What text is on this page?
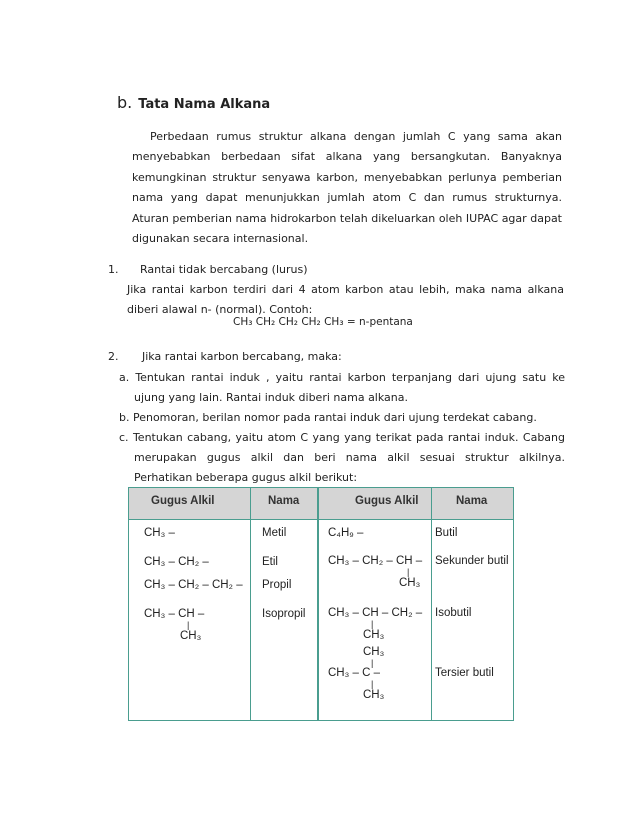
b. Tata Nama Alkana

Perbedaan rumus struktur alkana dengan jumlah C yang sama akan menyebabkan berbedaan sifat alkana yang bersangkutan. Banyaknya kemungkinan struktur senyawa karbon, menyebabkan perlunya pemberian nama yang dapat menunjukkan jumlah atom C dan rumus strukturnya. Aturan pemberian nama hidrokarbon telah dikeluarkan oleh IUPAC agar dapat digunakan secara internasional.

1. Rantai tidak bercabang (lurus)
Jika rantai karbon terdiri dari 4 atom karbon atau lebih, maka nama alkana diberi alawal n- (normal). Contoh:
CH₃ CH₂ CH₂ CH₂ CH₃ = n-pentana
2. Jika rantai karbon bercabang, maka:
a. Tentukan rantai induk , yaitu rantai karbon terpanjang dari ujung satu ke ujung yang lain. Rantai induk diberi nama alkana.
b. Penomoran, berilan nomor pada rantai induk dari ujung terdekat cabang.
c. Tentukan cabang, yaitu atom C yang yang terikat pada rantai induk. Cabang merupakan gugus alkil dan beri nama alkil sesuai struktur alkilnya. Perhatikan beberapa gugus alkil berikut:
Gugus Alkil	Nama
CH₃ –	Metil
CH₃ – CH₂ –	Etil
CH₃ – CH₂ – CH₂ – Propil
CH₃ – CH –
|
CH₃
Isopropil
Gugus Alkil	Nama
C₄H₉ –	Butil
CH₃ – CH₂ – CH –
|
CH₃
Sekunder butil
CH₃ – CH – CH₂ –
|
CH₃
Isobutil
CH₃
|
CH₃ – C –
|
CH₃
Tersier butil
